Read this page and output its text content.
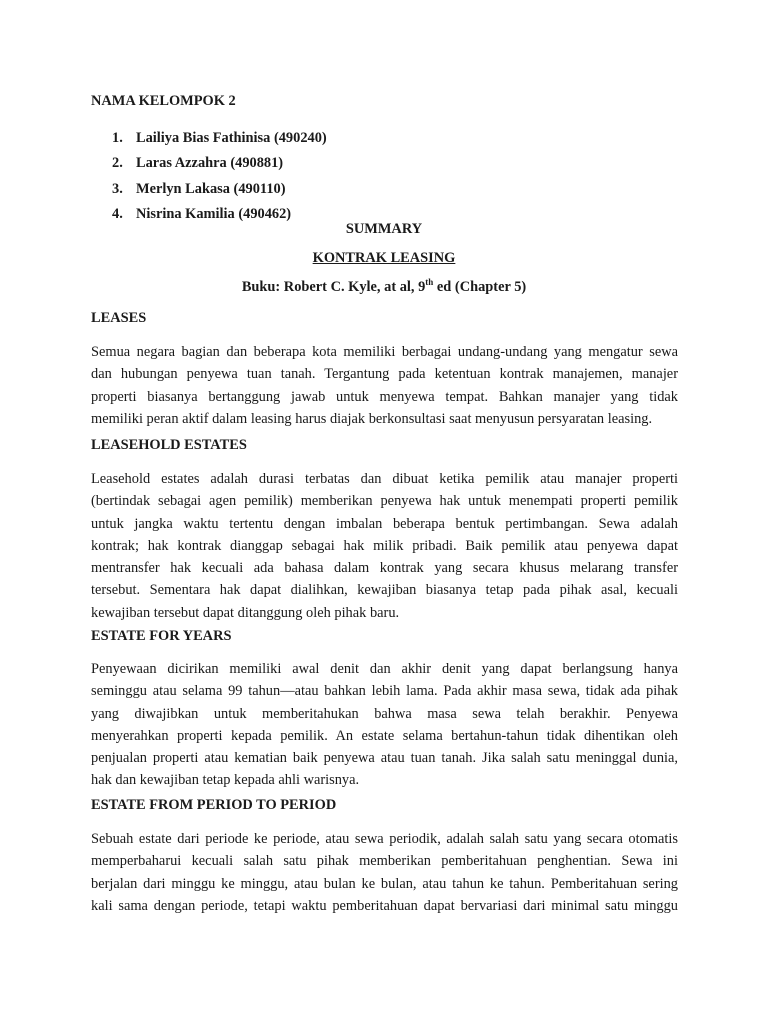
NAMA KELOMPOK 2
1. Lailiya Bias Fathinisa (490240)
2. Laras Azzahra (490881)
3. Merlyn Lakasa (490110)
4. Nisrina Kamilia (490462)
SUMMARY
KONTRAK LEASING
Buku: Robert C. Kyle, at al, 9th ed (Chapter 5)
LEASES
Semua negara bagian dan beberapa kota memiliki berbagai undang-undang yang mengatur sewa
dan hubungan penyewa tuan tanah. Tergantung pada ketentuan kontrak manajemen, manajer
properti biasanya bertanggung jawab untuk menyewa tempat. Bahkan manajer yang tidak
memiliki peran aktif dalam leasing harus diajak berkonsultasi saat menyusun persyaratan leasing.
LEASEHOLD ESTATES
Leasehold estates adalah durasi terbatas dan dibuat ketika pemilik atau manajer properti
(bertindak sebagai agen pemilik) memberikan penyewa hak untuk menempati properti pemilik
untuk jangka waktu tertentu dengan imbalan beberapa bentuk pertimbangan. Sewa adalah
kontrak; hak kontrak dianggap sebagai hak milik pribadi. Baik pemilik atau penyewa dapat
mentransfer hak kecuali ada bahasa dalam kontrak yang secara khusus melarang transfer
tersebut. Sementara hak dapat dialihkan, kewajiban biasanya tetap pada pihak asal, kecuali
kewajiban tersebut dapat ditanggung oleh pihak baru.
ESTATE FOR YEARS
Penyewaan dicirikan memiliki awal denit dan akhir denit yang dapat berlangsung hanya
seminggu atau selama 99 tahun—atau bahkan lebih lama. Pada akhir masa sewa, tidak ada pihak
yang diwajibkan untuk memberitahukan bahwa masa sewa telah berakhir. Penyewa
menyerahkan properti kepada pemilik. An estate selama bertahun-tahun tidak dihentikan oleh
penjualan properti atau kematian baik penyewa atau tuan tanah. Jika salah satu meninggal dunia,
hak dan kewajiban tetap kepada ahli warisnya.
ESTATE FROM PERIOD TO PERIOD
Sebuah estate dari periode ke periode, atau sewa periodik, adalah salah satu yang secara otomatis
memperbaharui kecuali salah satu pihak memberikan pemberitahuan penghentian. Sewa ini
berjalan dari minggu ke minggu, atau bulan ke bulan, atau tahun ke tahun. Pemberitahuan sering
kali sama dengan periode, tetapi waktu pemberitahuan dapat bervariasi dari minimal satu minggu
